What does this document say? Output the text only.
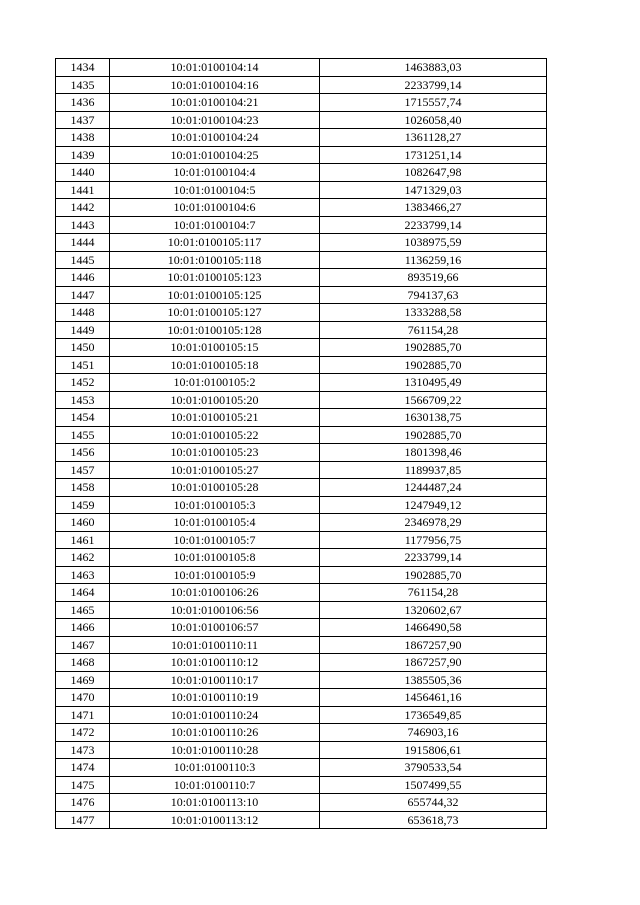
1434	10:01:0100104:14	1463883,03
1435	10:01:0100104:16	2233799,14
1436	10:01:0100104:21	1715557,74
1437	10:01:0100104:23	1026058,40
1438	10:01:0100104:24	1361128,27
1439	10:01:0100104:25	1731251,14
1440	10:01:0100104:4	1082647,98
1441	10:01:0100104:5	1471329,03
1442	10:01:0100104:6	1383466,27
1443	10:01:0100104:7	2233799,14
1444	10:01:0100105:117	1038975,59
1445	10:01:0100105:118	1136259,16
1446	10:01:0100105:123	893519,66
1447	10:01:0100105:125	794137,63
1448	10:01:0100105:127	1333288,58
1449	10:01:0100105:128	761154,28
1450	10:01:0100105:15	1902885,70
1451	10:01:0100105:18	1902885,70
1452	10:01:0100105:2	1310495,49
1453	10:01:0100105:20	1566709,22
1454	10:01:0100105:21	1630138,75
1455	10:01:0100105:22	1902885,70
1456	10:01:0100105:23	1801398,46
1457	10:01:0100105:27	1189937,85
1458	10:01:0100105:28	1244487,24
1459	10:01:0100105:3	1247949,12
1460	10:01:0100105:4	2346978,29
1461	10:01:0100105:7	1177956,75
1462	10:01:0100105:8	2233799,14
1463	10:01:0100105:9	1902885,70
1464	10:01:0100106:26	761154,28
1465	10:01:0100106:56	1320602,67
1466	10:01:0100106:57	1466490,58
1467	10:01:0100110:11	1867257,90
1468	10:01:0100110:12	1867257,90
1469	10:01:0100110:17	1385505,36
1470	10:01:0100110:19	1456461,16
1471	10:01:0100110:24	1736549,85
1472	10:01:0100110:26	746903,16
1473	10:01:0100110:28	1915806,61
1474	10:01:0100110:3	3790533,54
1475	10:01:0100110:7	1507499,55
1476	10:01:0100113:10	655744,32
1477	10:01:0100113:12	653618,73
